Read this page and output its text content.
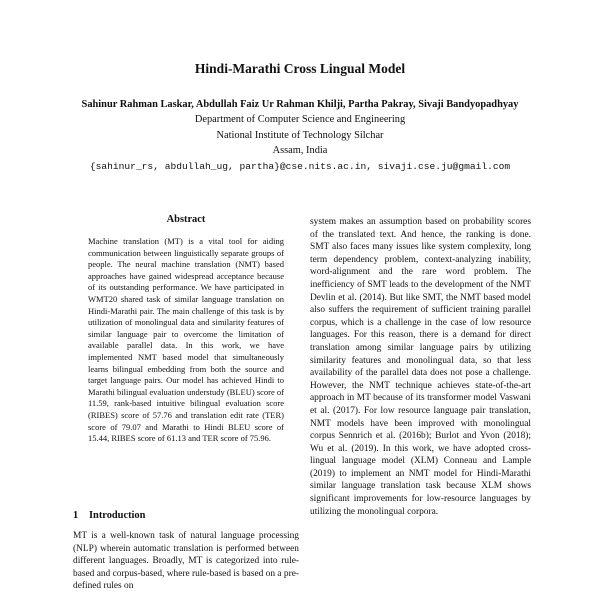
Hindi-Marathi Cross Lingual Model
Sahinur Rahman Laskar, Abdullah Faiz Ur Rahman Khilji, Partha Pakray, Sivaji Bandyopadhyay
Department of Computer Science and Engineering
National Institute of Technology Silchar
Assam, India
{sahinur_rs, abdullah_ug, partha}@cse.nits.ac.in, sivaji.cse.ju@gmail.com
Abstract

Machine translation (MT) is a vital tool for aiding communication between linguistically separate groups of people. The neural machine translation (NMT) based approaches have gained widespread acceptance because of its outstanding performance. We have participated in WMT20 shared task of similar language translation on Hindi-Marathi pair. The main challenge of this task is by utilization of monolingual data and similarity features of similar language pair to overcome the limitation of available parallel data. In this work, we have implemented NMT based model that simultaneously learns bilingual embedding from both the source and target language pairs. Our model has achieved Hindi to Marathi bilingual evaluation understudy (BLEU) score of 11.59, rank-based intuitive bilingual evaluation score (RIBES) score of 57.76 and translation edit rate (TER) score of 79.07 and Marathi to Hindi BLEU score of 15.44, RIBES score of 61.13 and TER score of 75.96.

1 Introduction

MT is a well-known task of natural language processing (NLP) wherein automatic translation is performed between different languages. Broadly, MT is categorized into rule-based and corpus-based, where rule-based is based on a pre-defined rules on

system makes an assumption based on probability scores of the translated text. And hence, the ranking is done. SMT also faces many issues like system complexity, long term dependency problem, context-analyzing inability, word-alignment and the rare word problem. The inefficiency of SMT leads to the development of the NMT Devlin et al. (2014). But like SMT, the NMT based model also suffers the requirement of sufficient training parallel corpus, which is a challenge in the case of low resource languages. For this reason, there is a demand for direct translation among similar language pairs by utilizing similarity features and monolingual data, so that less availability of the parallel data does not pose a challenge. However, the NMT technique achieves state-of-the-art approach in MT because of its transformer model Vaswani et al. (2017). For low resource language pair translation, NMT models have been improved with monolingual corpus Sennrich et al. (2016b); Burlot and Yvon (2018); Wu et al. (2019). In this work, we have adopted cross-lingual language model (XLM) Conneau and Lample (2019) to implement an NMT model for Hindi-Marathi similar language translation task because XLM shows significant improvements for low-resource languages by utilizing the monolingual corpora.
